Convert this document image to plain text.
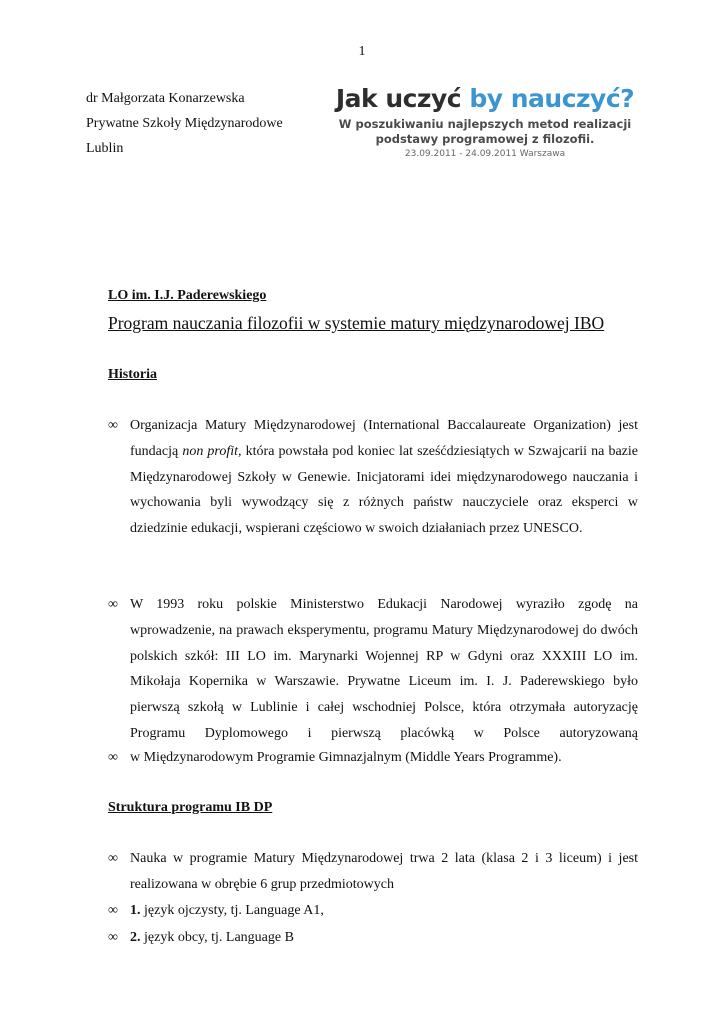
1
dr Małgorzata Konarzewska
Prywatne Szkoły Międzynarodowe
Lublin
Jak uczyć by nauczyć?
W poszukiwaniu najlepszych metod realizacji
podstawy programowej z filozofii.
23.09.2011 - 24.09.2011 Warszawa
LO im. I.J. Paderewskiego
Program nauczania filozofii w systemie matury międzynarodowej IBO
Historia
∞ Organizacja Matury Międzynarodowej (International Baccalaureate Organization) jest fundacją non profit, która powstała pod koniec lat sześćdziesiątych w Szwajcarii na bazie Międzynarodowej Szkoły w Genewie. Inicjatorami idei międzynarodowego nauczania i wychowania byli wywodzący się z różnych państw nauczyciele oraz eksperci w dziedzinie edukacji, wspierani częściowo w swoich działaniach przez UNESCO.
∞ W 1993 roku polskie Ministerstwo Edukacji Narodowej wyraziło zgodę na wprowadzenie, na prawach eksperymentu, programu Matury Międzynarodowej do dwóch polskich szkół: III LO im. Marynarki Wojennej RP w Gdyni oraz XXXIII LO im. Mikołaja Kopernika w Warszawie. Prywatne Liceum im. I. J. Paderewskiego było pierwszą szkołą w Lublinie i całej wschodniej Polsce, która otrzymała autoryzację Programu Dyplomowego i pierwszą placówką w Polsce autoryzowaną
∞ w Międzynarodowym Programie Gimnazjalnym (Middle Years Programme).
Struktura programu IB DP
∞ Nauka w programie Matury Międzynarodowej trwa 2 lata (klasa 2 i 3 liceum) i jest realizowana w obrębie 6 grup przedmiotowych
∞ 1. język ojczysty, tj. Language A1,
∞ 2. język obcy, tj. Language B
